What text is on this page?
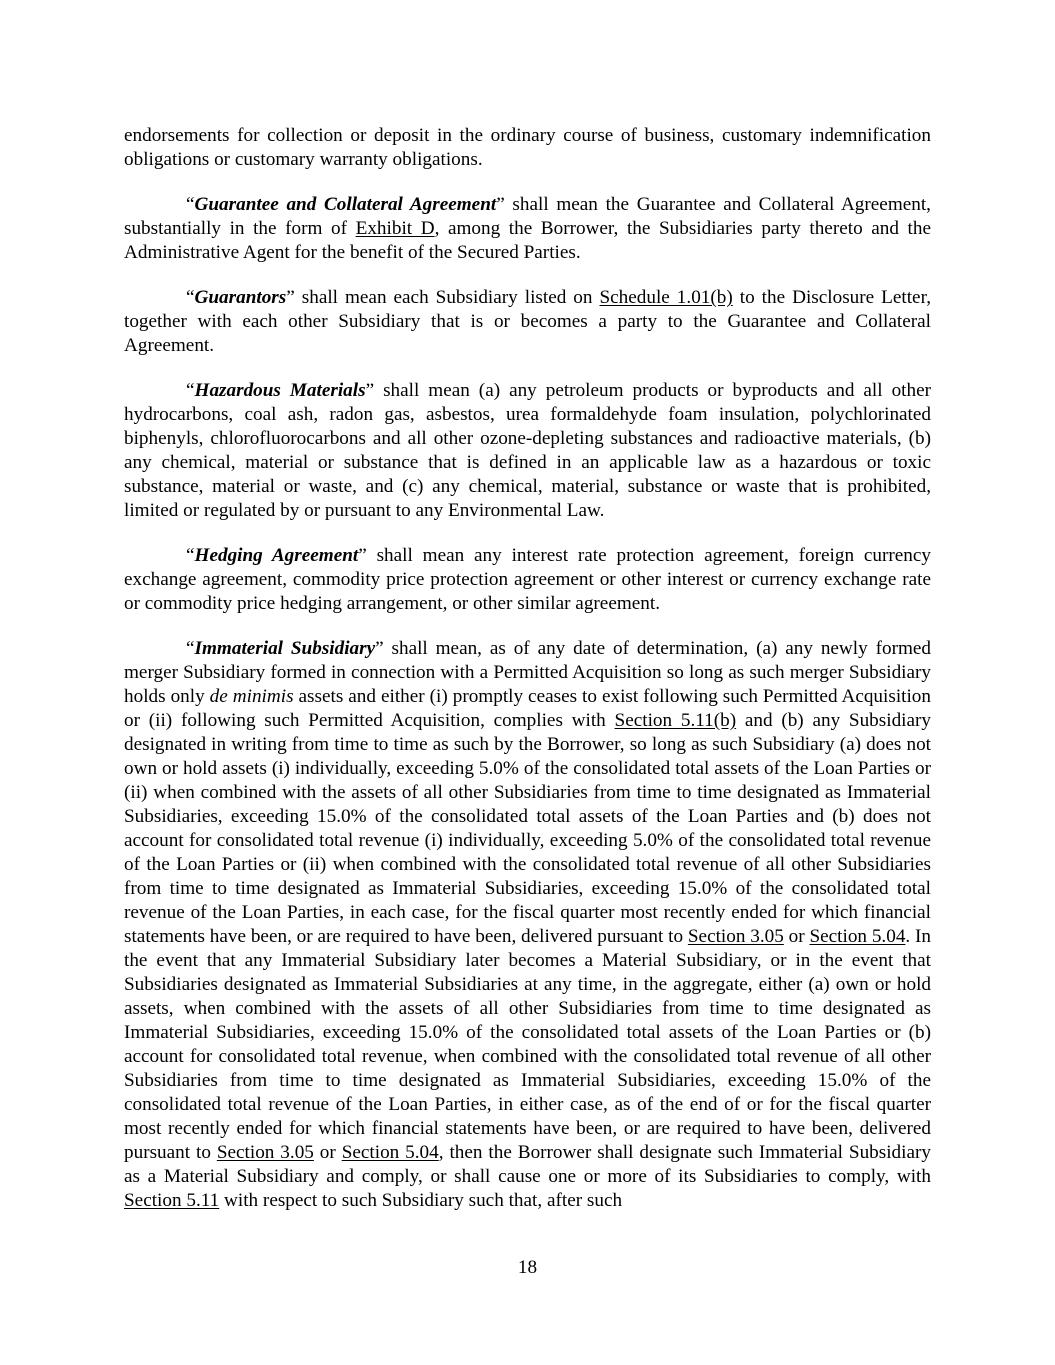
endorsements for collection or deposit in the ordinary course of business, customary indemnification obligations or customary warranty obligations.

“Guarantee and Collateral Agreement” shall mean the Guarantee and Collateral Agreement, substantially in the form of Exhibit D, among the Borrower, the Subsidiaries party thereto and the Administrative Agent for the benefit of the Secured Parties.

“Guarantors” shall mean each Subsidiary listed on Schedule 1.01(b) to the Disclosure Letter, together with each other Subsidiary that is or becomes a party to the Guarantee and Collateral Agreement.

“Hazardous Materials” shall mean (a) any petroleum products or byproducts and all other hydrocarbons, coal ash, radon gas, asbestos, urea formaldehyde foam insulation, polychlorinated biphenyls, chlorofluorocarbons and all other ozone-depleting substances and radioactive materials, (b) any chemical, material or substance that is defined in an applicable law as a hazardous or toxic substance, material or waste, and (c) any chemical, material, substance or waste that is prohibited, limited or regulated by or pursuant to any Environmental Law.

“Hedging Agreement” shall mean any interest rate protection agreement, foreign currency exchange agreement, commodity price protection agreement or other interest or currency exchange rate or commodity price hedging arrangement, or other similar agreement.

“Immaterial Subsidiary” shall mean, as of any date of determination, (a) any newly formed merger Subsidiary formed in connection with a Permitted Acquisition so long as such merger Subsidiary holds only de minimis assets and either (i) promptly ceases to exist following such Permitted Acquisition or (ii) following such Permitted Acquisition, complies with Section 5.11(b) and (b) any Subsidiary designated in writing from time to time as such by the Borrower, so long as such Subsidiary (a) does not own or hold assets (i) individually, exceeding 5.0% of the consolidated total assets of the Loan Parties or (ii) when combined with the assets of all other Subsidiaries from time to time designated as Immaterial Subsidiaries, exceeding 15.0% of the consolidated total assets of the Loan Parties and (b) does not account for consolidated total revenue (i) individually, exceeding 5.0% of the consolidated total revenue of the Loan Parties or (ii) when combined with the consolidated total revenue of all other Subsidiaries from time to time designated as Immaterial Subsidiaries, exceeding 15.0% of the consolidated total revenue of the Loan Parties, in each case, for the fiscal quarter most recently ended for which financial statements have been, or are required to have been, delivered pursuant to Section 3.05 or Section 5.04. In the event that any Immaterial Subsidiary later becomes a Material Subsidiary, or in the event that Subsidiaries designated as Immaterial Subsidiaries at any time, in the aggregate, either (a) own or hold assets, when combined with the assets of all other Subsidiaries from time to time designated as Immaterial Subsidiaries, exceeding 15.0% of the consolidated total assets of the Loan Parties or (b) account for consolidated total revenue, when combined with the consolidated total revenue of all other Subsidiaries from time to time designated as Immaterial Subsidiaries, exceeding 15.0% of the consolidated total revenue of the Loan Parties, in either case, as of the end of or for the fiscal quarter most recently ended for which financial statements have been, or are required to have been, delivered pursuant to Section 3.05 or Section 5.04, then the Borrower shall designate such Immaterial Subsidiary as a Material Subsidiary and comply, or shall cause one or more of its Subsidiaries to comply, with Section 5.11 with respect to such Subsidiary such that, after such

18
